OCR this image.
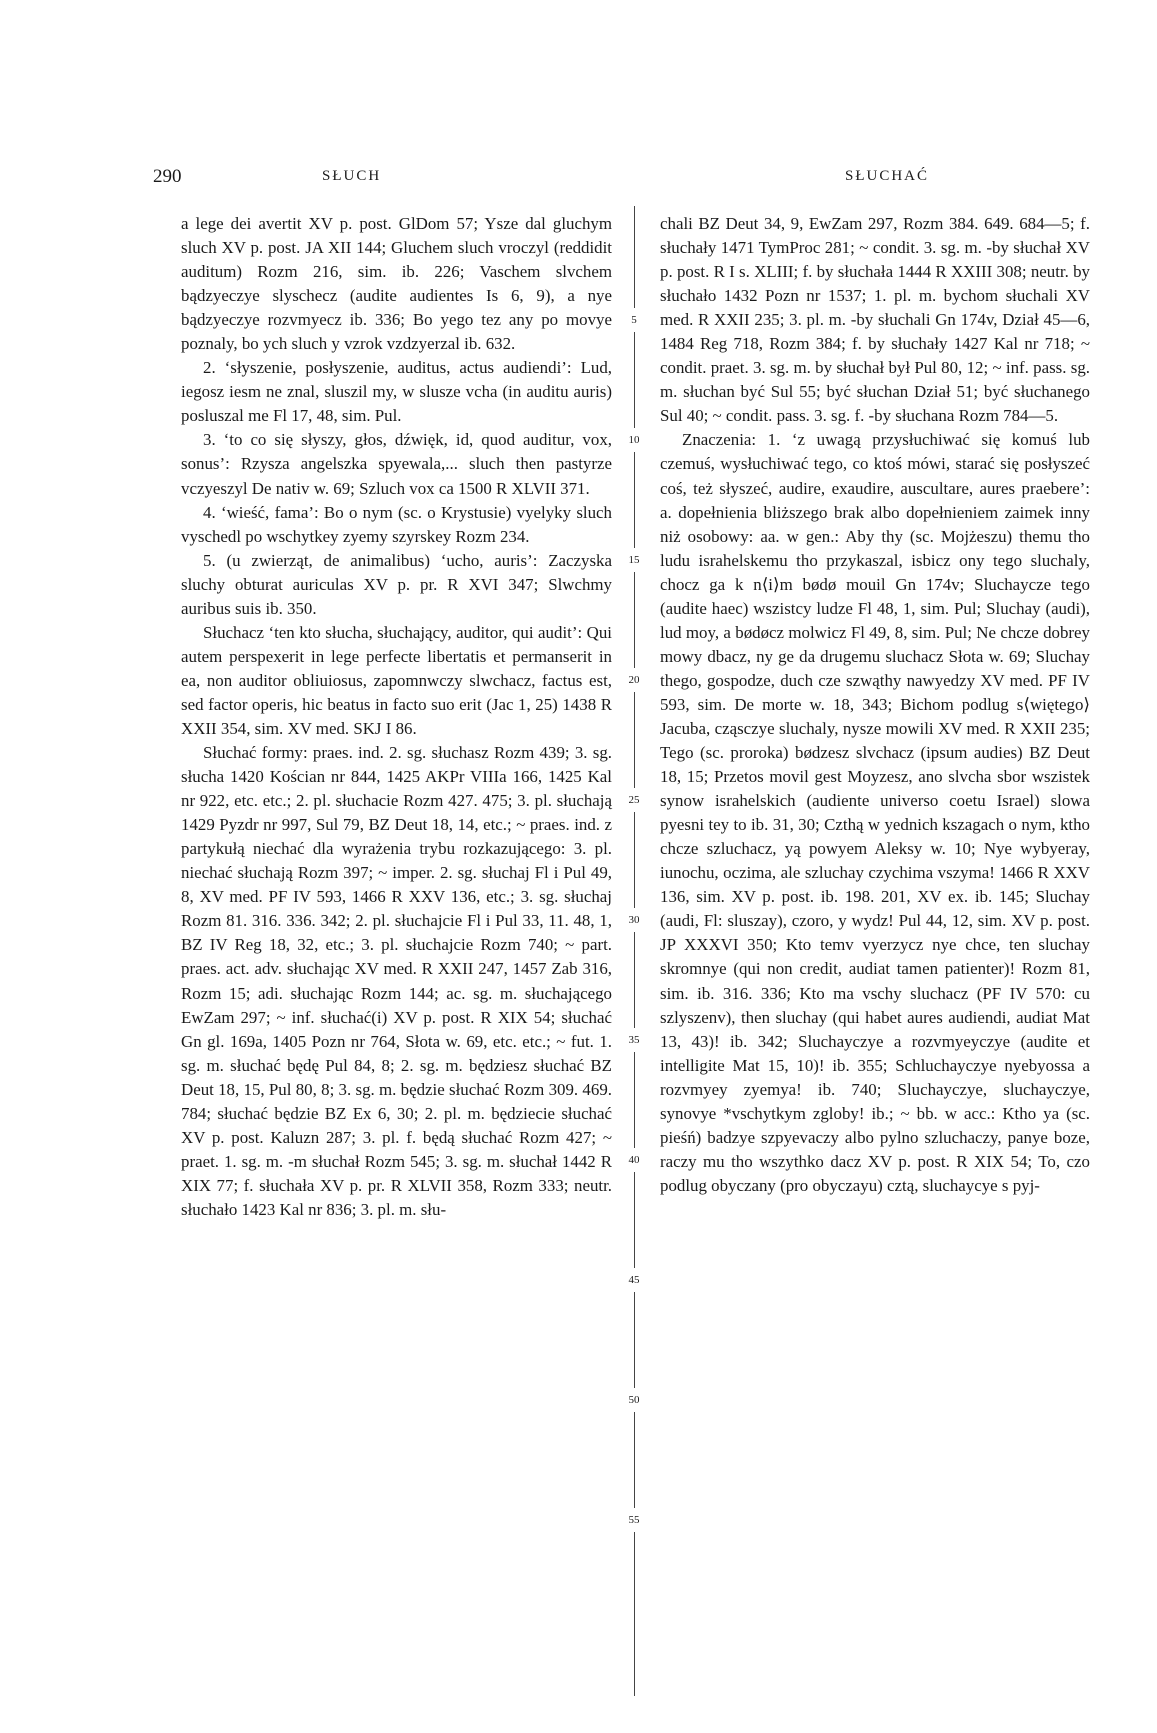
290	SŁUCH	SŁUCHAĆ

a lege dei avertit XV p. post. GlDom 57; Ysze dal gluchym sluch XV p. post. JA XII 144; Gluchem sluch vroczyl (reddidit auditum) Rozm 216, sim. ib. 226; Vaschem slvchem bądzyeczye slyschecz (audite audientes Is 6, 9), a nye bądzyeczye rozvmyecz ib. 336; Bo yego tez any po movye poznaly, bo ych sluch y vzrok vzdzyerzal ib. 632.

2. ‘słyszenie, posłyszenie, auditus, actus audiendi’: Lud, iegosz iesm ne znal, sluszil my, w slusze vcha (in auditu auris) posluszal me Fl 17, 48, sim. Pul.

3. ‘to co się słyszy, głos, dźwięk, id, quod auditur, vox, sonus’: Rzysza angelszka spyewala,... sluch then pastyrze vczyeszyl De nativ w. 69; Szluch vox ca 1500 R XLVII 371.

4. ‘wieść, fama’: Bo o nym (sc. o Krystusie) vyelyky sluch vyschedl po wschytkey zyemy szyrskey Rozm 234.

5. (u zwierząt, de animalibus) ‘ucho, auris’: Zaczyska sluchy obturat auriculas XV p. pr. R XVI 347; Slwchmy auribus suis ib. 350.

Słuchacz ‘ten kto słucha, słuchający, auditor, qui audit’: Qui autem perspexerit in lege perfecte libertatis et permanserit in ea, non auditor obliuiosus, zapomnwczy slwchacz, factus est, sed factor operis, hic beatus in facto suo erit (Jac 1, 25) 1438 R XXII 354, sim. XV med. SKJ I 86.

Słuchać formy: praes. ind. 2. sg. słuchasz Rozm 439; 3. sg. słucha 1420 Kościan nr 844, 1425 AKPr VIIIa 166, 1425 Kal nr 922, etc. etc.; 2. pl. słuchacie Rozm 427. 475; 3. pl. słuchają 1429 Pyzdr nr 997, Sul 79, BZ Deut 18, 14, etc.; ~ praes. ind. z partykułą niechać dla wyrażenia trybu rozkazującego: 3. pl. niechać słuchają Rozm 397; ~ imper. 2. sg. słuchaj Fl i Pul 49, 8, XV med. PF IV 593, 1466 R XXV 136, etc.; 3. sg. słuchaj Rozm 81. 316. 336. 342; 2. pl. słuchajcie Fl i Pul 33, 11. 48, 1, BZ IV Reg 18, 32, etc.; 3. pl. słuchajcie Rozm 740; ~ part. praes. act. adv. słuchając XV med. R XXII 247, 1457 Zab 316, Rozm 15; adi. słuchając Rozm 144; ac. sg. m. słuchającego EwZam 297; ~ inf. słuchać(i) XV p. post. R XIX 54; słuchać Gn gl. 169a, 1405 Pozn nr 764, Słota w. 69, etc. etc.; ~ fut. 1. sg. m. słuchać będę Pul 84, 8; 2. sg. m. będziesz słuchać BZ Deut 18, 15, Pul 80, 8; 3. sg. m. będzie słuchać Rozm 309. 469. 784; słuchać będzie BZ Ex 6, 30; 2. pl. m. będziecie słuchać XV p. post. Kaluzn 287; 3. pl. f. będą słuchać Rozm 427; ~ praet. 1. sg. m. -m słuchał Rozm 545; 3. sg. m. słuchał 1442 R XIX 77; f. słuchała XV p. pr. R XLVII 358, Rozm 333; neutr. słuchało 1423 Kal nr 836; 3. pl. m. słu-

5
10
15
20
25
30
35
40
45
50
55

chali BZ Deut 34, 9, EwZam 297, Rozm 384. 649. 684—5; f. słuchały 1471 TymProc 281; ~ condit. 3. sg. m. -by słuchał XV p. post. R I s. XLIII; f. by słuchała 1444 R XXIII 308; neutr. by słuchało 1432 Pozn nr 1537; 1. pl. m. bychom słuchali XV med. R XXII 235; 3. pl. m. -by słuchali Gn 174v, Dział 45—6, 1484 Reg 718, Rozm 384; f. by słuchały 1427 Kal nr 718; ~ condit. praet. 3. sg. m. by słuchał był Pul 80, 12; ~ inf. pass. sg. m. słuchan być Sul 55; być słuchan Dział 51; być słuchanego Sul 40; ~ condit. pass. 3. sg. f. -by słuchana Rozm 784—5.

Znaczenia: 1. ‘z uwagą przysłuchiwać się komuś lub czemuś, wysłuchiwać tego, co ktoś mówi, starać się posłyszeć coś, też słyszeć, audire, exaudire, auscultare, aures praebere’: a. dopełnienia bliższego brak albo dopełnieniem zaimek inny niż osobowy: aa. w gen.: Aby thy (sc. Mojżeszu) themu tho ludu israhelskemu tho przykaszal, isbicz ony tego sluchaly, chocz ga k n⟨i⟩m bødø mouil Gn 174v; Sluchaycze tego (audite haec) wszistcy ludze Fl 48, 1, sim. Pul; Sluchay (audi), lud moy, a bødøcz molwicz Fl 49, 8, sim. Pul; Ne chcze dobrey mowy dbacz, ny ge da drugemu sluchacz Słota w. 69; Sluchay thego, gospodze, duch cze szwąthy nawyedzy XV med. PF IV 593, sim. De morte w. 18, 343; Bichom podlug s⟨więtego⟩ Jacuba, cząsczye sluchaly, nysze mowili XV med. R XXII 235; Tego (sc. proroka) bødzesz slvchacz (ipsum audies) BZ Deut 18, 15; Przetos movil gest Moyzesz, ano slvcha sbor wszistek synow israhelskich (audiente universo coetu Israel) slowa pyesni tey to ib. 31, 30; Czthą w yednich kszagach o nym, ktho chcze szluchacz, yą powyem Aleksy w. 10; Nye wybyeray, iunochu, oczima, ale szluchay czychima vszyma! 1466 R XXV 136, sim. XV p. post. ib. 198. 201, XV ex. ib. 145; Sluchay (audi, Fl: sluszay), czoro, y wydz! Pul 44, 12, sim. XV p. post. JP XXXVI 350; Kto temv vyerzycz nye chce, ten sluchay skromnye (qui non credit, audiat tamen patienter)! Rozm 81, sim. ib. 316. 336; Kto ma vschy sluchacz (PF IV 570: cu szlyszenv), then sluchay (qui habet aures audiendi, audiat Mat 13, 43)! ib. 342; Sluchayczye a rozvmyeyczye (audite et intelligite Mat 15, 10)! ib. 355; Schluchayczye nyebyossa a rozvmyey zyemya! ib. 740; Sluchayczye, sluchayczye, synovye *vschytkym zgloby! ib.; ~ bb. w acc.: Ktho ya (sc. pieśń) badzye szpyevaczy albo pylno szluchaczy, panye boze, raczy mu tho wszythko dacz XV p. post. R XIX 54; To, czo podlug obyczany (pro obyczayu) cztą, sluchaycye s pyj-
